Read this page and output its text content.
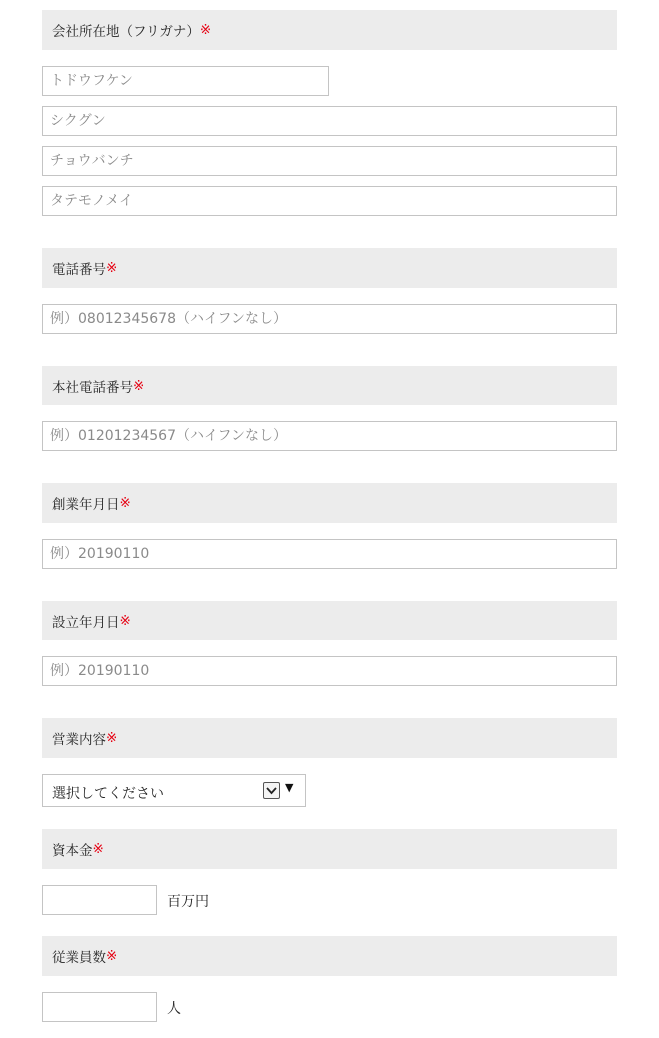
会社所在地（フリガナ） ※
トドウフケン
シクグン
チョウバンチ
タテモノメイ
電話番号 ※
例）08012345678（ハイフンなし）
本社電話番号 ※
例）01201234567（ハイフンなし）
創業年月日 ※
例）20190110
設立年月日 ※
例）20190110
営業内容 ※
選択してください	▼
資本金 ※
百万円
従業員数 ※
人
